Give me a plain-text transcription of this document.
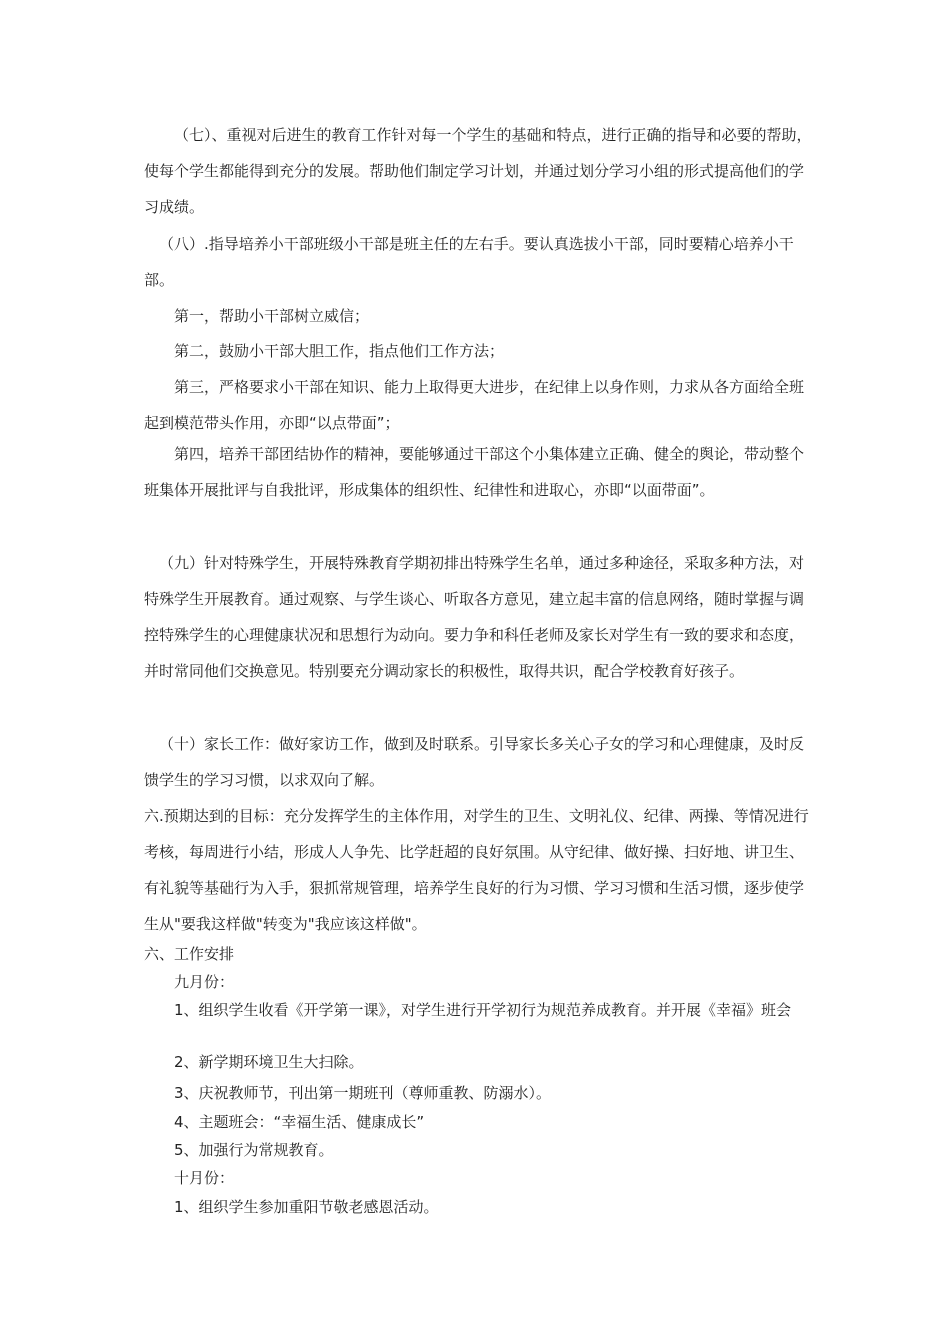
（七）、重视对后进生的教育工作针对每一个学生的基础和特点，进行正确的指导和必要的帮助，使每个学生都能得到充分的发展。帮助他们制定学习计划，并通过划分学习小组的形式提高他们的学习成绩。

（八）.指导培养小干部班级小干部是班主任的左右手。要认真选拔小干部，同时要精心培养小干部。

第一，帮助小干部树立威信；

第二，鼓励小干部大胆工作，指点他们工作方法；

第三，严格要求小干部在知识、能力上取得更大进步，在纪律上以身作则，力求从各方面给全班起到模范带头作用，亦即“以点带面”；

第四，培养干部团结协作的精神，要能够通过干部这个小集体建立正确、健全的舆论，带动整个班集体开展批评与自我批评，形成集体的组织性、纪律性和进取心，亦即“以面带面”。

（九）针对特殊学生，开展特殊教育学期初排出特殊学生名单，通过多种途径，采取多种方法，对特殊学生开展教育。通过观察、与学生谈心、听取各方意见，建立起丰富的信息网络，随时掌握与调控特殊学生的心理健康状况和思想行为动向。要力争和科任老师及家长对学生有一致的要求和态度，并时常同他们交换意见。特别要充分调动家长的积极性，取得共识，配合学校教育好孩子。

（十）家长工作：做好家访工作，做到及时联系。引导家长多关心子女的学习和心理健康，及时反馈学生的学习习惯，以求双向了解。

六.预期达到的目标：充分发挥学生的主体作用，对学生的卫生、文明礼仪、纪律、两操、等情况进行考核，每周进行小结，形成人人争先、比学赶超的良好氛围。从守纪律、做好操、扫好地、讲卫生、有礼貌等基础行为入手，狠抓常规管理，培养学生良好的行为习惯、学习习惯和生活习惯，逐步使学生从"要我这样做"转变为"我应该这样做"。

六、工作安排

九月份：

1、组织学生收看《开学第一课》，对学生进行开学初行为规范养成教育。并开展《幸福》班会

2、新学期环境卫生大扫除。

3、庆祝教师节，刊出第一期班刊（尊师重教、防溺水）。

4、主题班会：“幸福生活、健康成长”

5、加强行为常规教育。

十月份：

1、组织学生参加重阳节敬老感恩活动。
